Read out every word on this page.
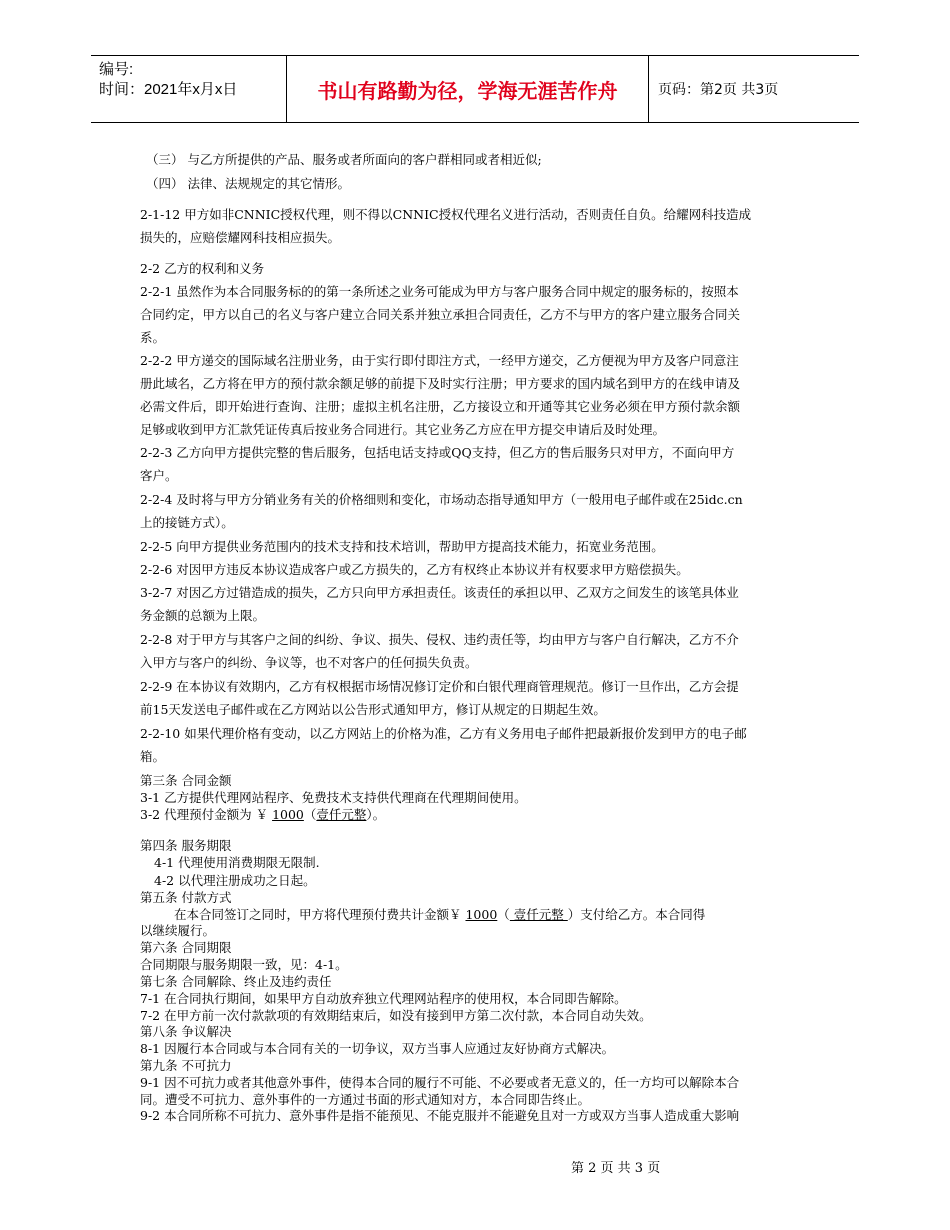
编号:
时间：2021年x月x日	书山有路勤为径，学海无涯苦作舟	页码：第2页 共3页
（三） 与乙方所提供的产品、服务或者所面向的客户群相同或者相近似;
（四） 法律、法规规定的其它情形。
2-1-12 甲方如非CNNIC授权代理，则不得以CNNIC授权代理名义进行活动，否则责任自负。给耀网科技造成
损失的，应赔偿耀网科技相应损失。
2-2 乙方的权利和义务
2-2-1 虽然作为本合同服务标的的第一条所述之业务可能成为甲方与客户服务合同中规定的服务标的，按照本
合同约定，甲方以自己的名义与客户建立合同关系并独立承担合同责任，乙方不与甲方的客户建立服务合同关
系。
2-2-2 甲方递交的国际域名注册业务，由于实行即付即注方式，一经甲方递交，乙方便视为甲方及客户同意注
册此域名，乙方将在甲方的预付款余额足够的前提下及时实行注册；甲方要求的国内域名到甲方的在线申请及
必需文件后，即开始进行查询、注册；虚拟主机名注册，乙方接设立和开通等其它业务必须在甲方预付款余额
足够或收到甲方汇款凭证传真后按业务合同进行。其它业务乙方应在甲方提交申请后及时处理。
2-2-3 乙方向甲方提供完整的售后服务，包括电话支持或QQ支持，但乙方的售后服务只对甲方，不面向甲方
客户。
2-2-4 及时将与甲方分销业务有关的价格细则和变化，市场动态指导通知甲方（一般用电子邮件或在25idc.cn
上的接链方式）。
2-2-5 向甲方提供业务范围内的技术支持和技术培训，帮助甲方提高技术能力，拓宽业务范围。
2-2-6 对因甲方违反本协议造成客户或乙方损失的，乙方有权终止本协议并有权要求甲方赔偿损失。
3-2-7 对因乙方过错造成的损失，乙方只向甲方承担责任。该责任的承担以甲、乙双方之间发生的该笔具体业
务金额的总额为上限。
2-2-8 对于甲方与其客户之间的纠纷、争议、损失、侵权、违约责任等，均由甲方与客户自行解决，乙方不介
入甲方与客户的纠纷、争议等，也不对客户的任何损失负责。
2-2-9 在本协议有效期内，乙方有权根据市场情况修订定价和白银代理商管理规范。修订一旦作出，乙方会提
前15天发送电子邮件或在乙方网站以公告形式通知甲方，修订从规定的日期起生效。
2-2-10 如果代理价格有变动，以乙方网站上的价格为准，乙方有义务用电子邮件把最新报价发到甲方的电子邮
箱。
第三条 合同金额
3-1 乙方提供代理网站程序、免费技术支持供代理商在代理期间使用。
3-2 代理预付金额为 ￥ 1000（壹仟元整）。
第四条 服务期限
4-1 代理使用消费期限无限制.
4-2 以代理注册成功之日起。
第五条 付款方式
在本合同签订之同时，甲方将代理预付费共计金额￥ 1000（ 壹仟元整 ）支付给乙方。本合同得
以继续履行。
第六条 合同期限
合同期限与服务期限一致，见：4-1。
第七条 合同解除、终止及违约责任
7-1 在合同执行期间，如果甲方自动放弃独立代理网站程序的使用权，本合同即告解除。
7-2 在甲方前一次付款款项的有效期结束后，如没有接到甲方第二次付款，本合同自动失效。
第八条 争议解决
8-1 因履行本合同或与本合同有关的一切争议，双方当事人应通过友好协商方式解决。
第九条 不可抗力
9-1 因不可抗力或者其他意外事件，使得本合同的履行不可能、不必要或者无意义的，任一方均可以解除本合
同。遭受不可抗力、意外事件的一方通过书面的形式通知对方，本合同即告终止。
9-2 本合同所称不可抗力、意外事件是指不能预见、不能克服并不能避免且对一方或双方当事人造成重大影响
第 2 页 共 3 页
